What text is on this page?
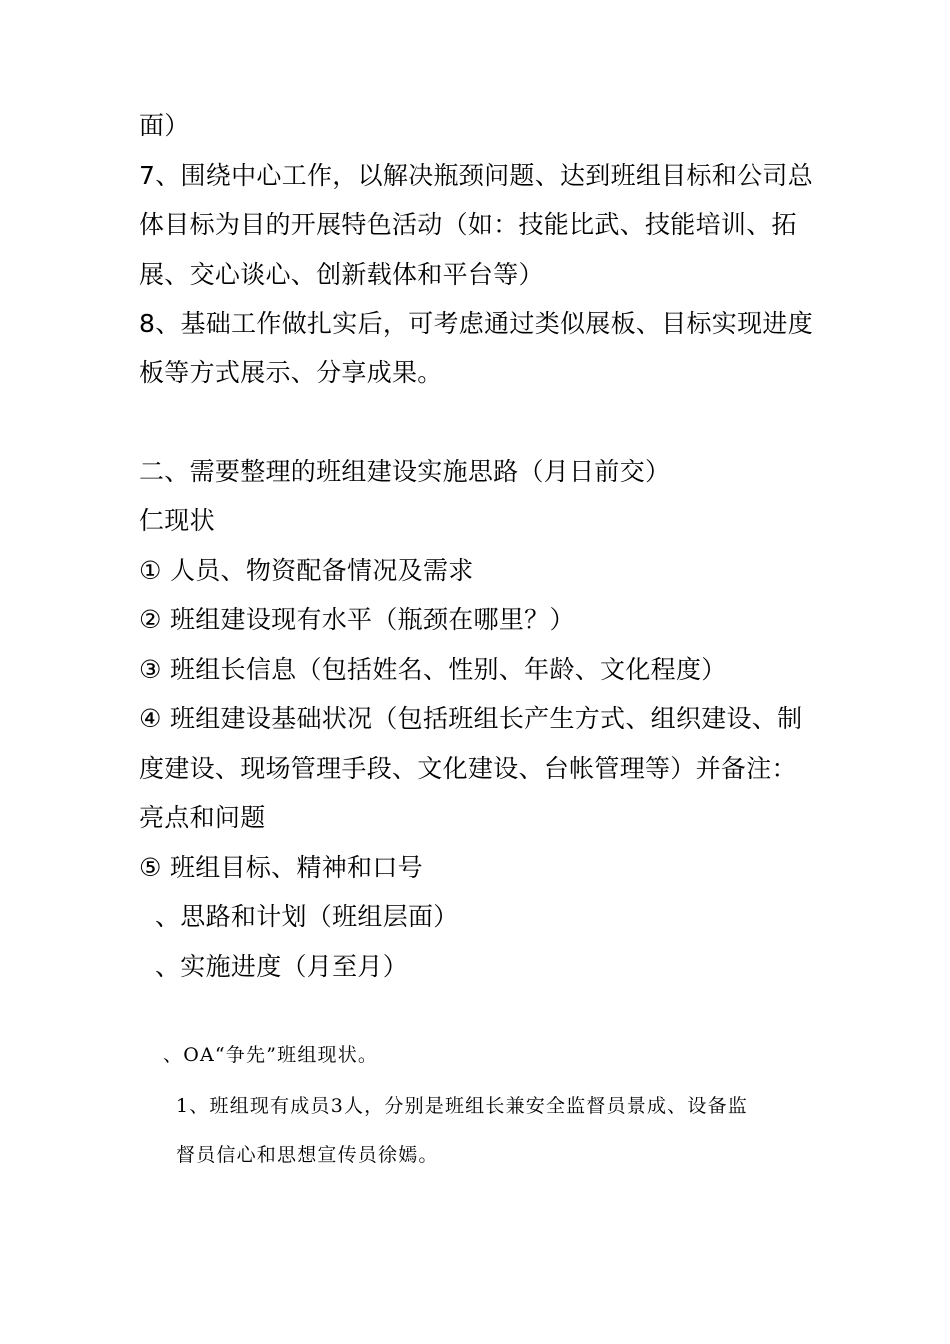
面）
7、围绕中心工作，以解决瓶颈问题、达到班组目标和公司总
体目标为目的开展特色活动（如：技能比武、技能培训、拓
展、交心谈心、创新载体和平台等）
8、基础工作做扎实后，可考虑通过类似展板、目标实现进度
板等方式展示、分享成果。
二、需要整理的班组建设实施思路（月日前交）
仁现状
① 人员、物资配备情况及需求
② 班组建设现有水平（瓶颈在哪里？）
③ 班组长信息（包括姓名、性别、年龄、文化程度）
④ 班组建设基础状况（包括班组长产生方式、组织建设、制
度建设、现场管理手段、文化建设、台帐管理等）并备注：
亮点和问题
⑤ 班组目标、精神和口号
、思路和计划（班组层面）
、实施进度（月至月）
、OA“争先”班组现状。
1、班组现有成员3人，分别是班组长兼安全监督员景成、设备监
督员信心和思想宣传员徐嫣。
